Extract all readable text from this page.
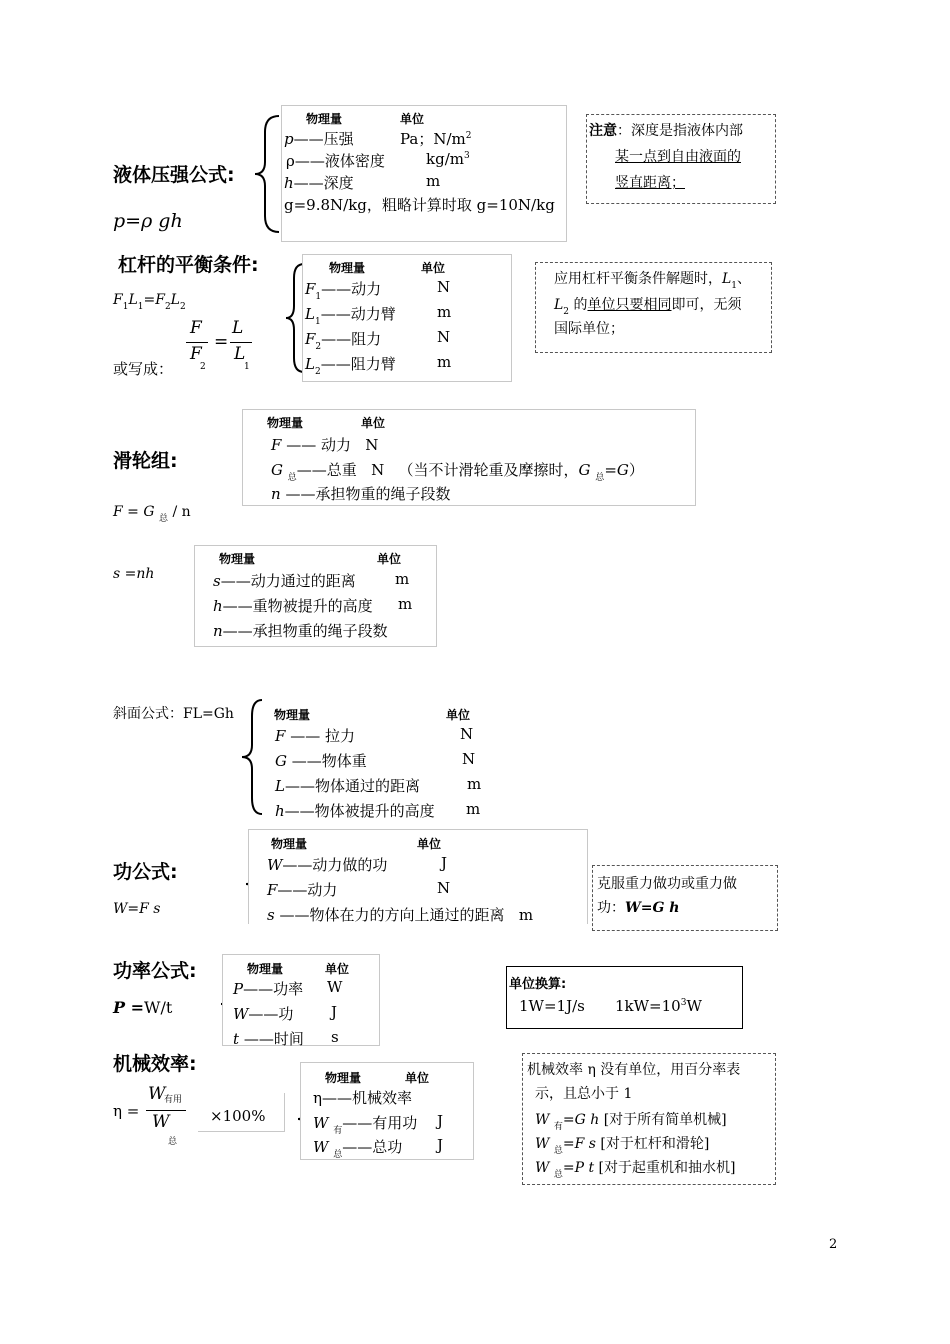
液体压强公式:
p=ρ gh
物理量	单位
p——压强	Pa；$N/m^2$
ρ——液体密度	$kg/m^3$
h——深度	m
g=9.8N/kg，粗略计算时取 g=10N/kg
注意：深度是指液体内部
某一点到自由液面的
竖直距离；
杠杆的平衡条件:
$F_1L_1=F_2L_2$
或写成：
F
F
2
=
L
L
1
物理量	单位
$F_1——$动力	N
$L_1——$动力臂	m
$F_2——$阻力	N
$L_2——$阻力臂	m
应用杠杆平衡条件解题时，$L_1$、
$L_2$ 的单位只要相同即可，无须
国际单位；
滑轮组:
F = G $_总$ / n
s =nh
物理量	单位
F —— 动力   N
G $_总$——总重   N   （当不计滑轮重及摩擦时，G $_总$=G）
n ——承担物重的绳子段数
物理量	单位
s——动力通过的距离	m
h——重物被提升的高度 m
n——承担物重的绳子段数
斜面公式：FL=Gh	物理量	单位
F —— 拉力	N
G ——物体重	N
L——物体通过的距离	m
h——物体被提升的高度 m
功公式:
W=F s
物理量	单位
W——动力做的功	J
F——动力	N
s ——物体在力的方向上通过的距离 m
克服重力做功或重力做
功：W=G h
功率公式:
P =W/t
物理量	单位
P——功率 W
W——功	J
t ——时间 s
单位换算:
1W=1J/s $1kW=10^3W$
机械效率:
η =
W
有用
W
总
×100%
物理量	单位
η——机械效率
W $_有$——有用功 J
W $_总$——总功 J
机械效率 η 没有单位，用百分率表
示，且总小于 1
W $_有$=G h [对于所有简单机械]
W $_总$=F s [对于杠杆和滑轮]
W $_总$=P t [对于起重机和抽水机]
2
